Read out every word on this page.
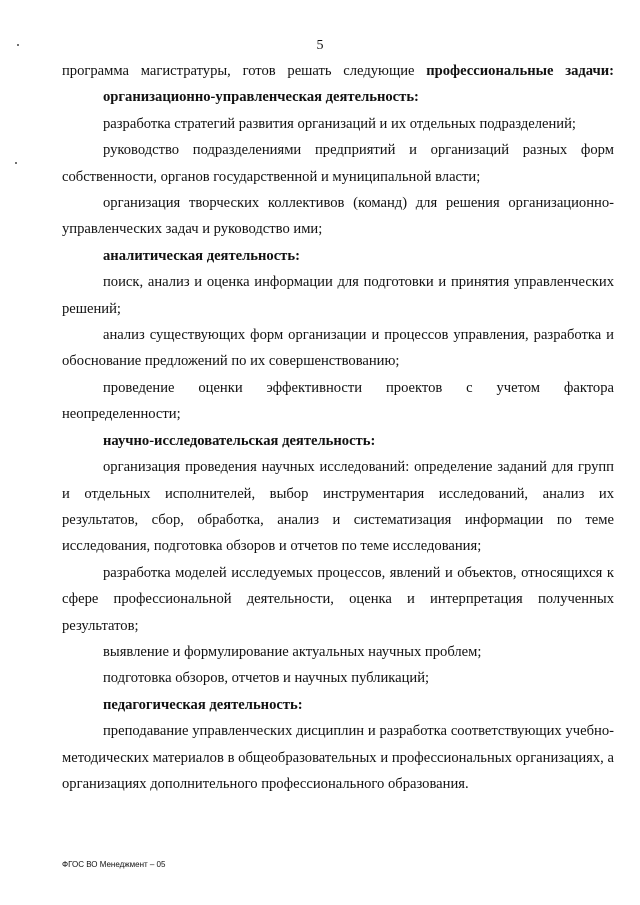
5

программа магистратуры, готов решать следующие профессиональные задачи:

организационно-управленческая деятельность:

разработка стратегий развития организаций и их отдельных подразделений;

руководство подразделениями предприятий и организаций разных форм собственности, органов государственной и муниципальной власти;

организация творческих коллективов (команд) для решения организационно-управленческих задач и руководство ими;

аналитическая деятельность:

поиск, анализ и оценка информации для подготовки и принятия управленческих решений;

анализ существующих форм организации и процессов управления, разработка и обоснование предложений по их совершенствованию;

проведение оценки эффективности проектов с учетом фактора неопределенности;

научно-исследовательская деятельность:

организация проведения научных исследований: определение заданий для групп и отдельных исполнителей, выбор инструментария исследований, анализ их результатов, сбор, обработка, анализ и систематизация информации по теме исследования, подготовка обзоров и отчетов по теме исследования;

разработка моделей исследуемых процессов, явлений и объектов, относящихся к сфере профессиональной деятельности, оценка и интерпретация полученных результатов;

выявление и формулирование актуальных научных проблем;

подготовка обзоров, отчетов и научных публикаций;

педагогическая деятельность:

преподавание управленческих дисциплин и разработка соответствующих учебно-методических материалов в общеобразовательных и профессиональных организациях, а организациях дополнительного профессионального образования.

ФГОС ВО Менеджмент – 05
